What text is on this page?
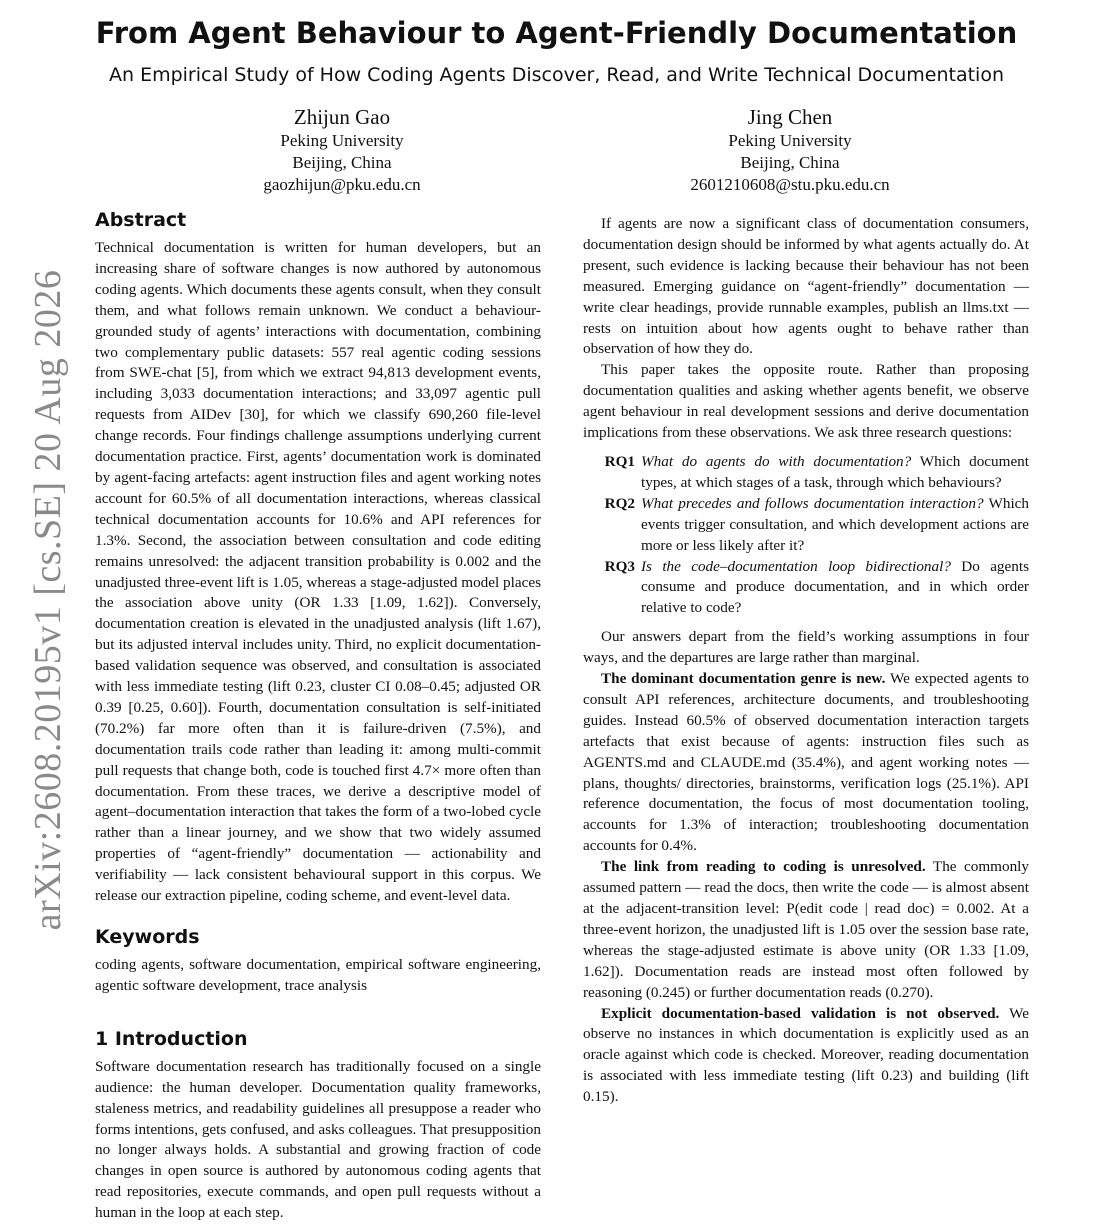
arXiv:2608.20195v1 [cs.SE] 20 Aug 2026
From Agent Behaviour to Agent-Friendly Documentation
An Empirical Study of How Coding Agents Discover, Read, and Write Technical Documentation
Zhijun Gao
Peking University
Beijing, China
gaozhijun@pku.edu.cn
Jing Chen
Peking University
Beijing, China
2601210608@stu.pku.edu.cn
Abstract

Technical documentation is written for human developers, but an increasing share of software changes is now authored by autonomous coding agents. Which documents these agents consult, when they consult them, and what follows remain unknown. We conduct a behaviour-grounded study of agents’ interactions with documentation, combining two complementary public datasets: 557 real agentic coding sessions from SWE-chat [5], from which we extract 94,813 development events, including 3,033 documentation interactions; and 33,097 agentic pull requests from AIDev [30], for which we classify 690,260 file-level change records. Four findings challenge assumptions underlying current documentation practice. First, agents’ documentation work is dominated by agent-facing artefacts: agent instruction files and agent working notes account for 60.5% of all documentation interactions, whereas classical technical documentation accounts for 10.6% and API references for 1.3%. Second, the association between consultation and code editing remains unresolved: the adjacent transition probability is 0.002 and the unadjusted three-event lift is 1.05, whereas a stage-adjusted model places the association above unity (OR 1.33 [1.09, 1.62]). Conversely, documentation creation is elevated in the unadjusted analysis (lift 1.67), but its adjusted interval includes unity. Third, no explicit documentation-based validation sequence was observed, and consultation is associated with less immediate testing (lift 0.23, cluster CI 0.08–0.45; adjusted OR 0.39 [0.25, 0.60]). Fourth, documentation consultation is self-initiated (70.2%) far more often than it is failure-driven (7.5%), and documentation trails code rather than leading it: among multi-commit pull requests that change both, code is touched first 4.7× more often than documentation. From these traces, we derive a descriptive model of agent–documentation interaction that takes the form of a two-lobed cycle rather than a linear journey, and we show that two widely assumed properties of “agent-friendly” documentation — actionability and verifiability — lack consistent behavioural support in this corpus. We release our extraction pipeline, coding scheme, and event-level data.

Keywords

coding agents, software documentation, empirical software engineering, agentic software development, trace analysis

1 Introduction

Software documentation research has traditionally focused on a single audience: the human developer. Documentation quality frameworks, staleness metrics, and readability guidelines all presuppose a reader who forms intentions, gets confused, and asks colleagues. That presupposition no longer always holds. A substantial and growing fraction of code changes in open source is authored by autonomous coding agents that read repositories, execute commands, and open pull requests without a human in the loop at each step.

If agents are now a significant class of documentation consumers, documentation design should be informed by what agents actually do. At present, such evidence is lacking because their behaviour has not been measured. Emerging guidance on “agent-friendly” documentation — write clear headings, provide runnable examples, publish an llms.txt — rests on intuition about how agents ought to behave rather than observation of how they do.

This paper takes the opposite route. Rather than proposing documentation qualities and asking whether agents benefit, we observe agent behaviour in real development sessions and derive documentation implications from these observations. We ask three research questions:

RQ1 What do agents do with documentation? Which document types, at which stages of a task, through which behaviours?
RQ2 What precedes and follows documentation interaction? Which events trigger consultation, and which development actions are more or less likely after it?
RQ3 Is the code–documentation loop bidirectional? Do agents consume and produce documentation, and in which order relative to code?

Our answers depart from the field’s working assumptions in four ways, and the departures are large rather than marginal.

The dominant documentation genre is new. We expected agents to consult API references, architecture documents, and troubleshooting guides. Instead 60.5% of observed documentation interaction targets artefacts that exist because of agents: instruction files such as AGENTS.md and CLAUDE.md (35.4%), and agent working notes — plans, thoughts/ directories, brainstorms, verification logs (25.1%). API reference documentation, the focus of most documentation tooling, accounts for 1.3% of interaction; troubleshooting documentation accounts for 0.4%.

The link from reading to coding is unresolved. The commonly assumed pattern — read the docs, then write the code — is almost absent at the adjacent-transition level: P(edit code | read doc) = 0.002. At a three-event horizon, the unadjusted lift is 1.05 over the session base rate, whereas the stage-adjusted estimate is above unity (OR 1.33 [1.09, 1.62]). Documentation reads are instead most often followed by reasoning (0.245) or further documentation reads (0.270).

Explicit documentation-based validation is not observed. We observe no instances in which documentation is explicitly used as an oracle against which code is checked. Moreover, reading documentation is associated with less immediate testing (lift 0.23) and building (lift 0.15).
